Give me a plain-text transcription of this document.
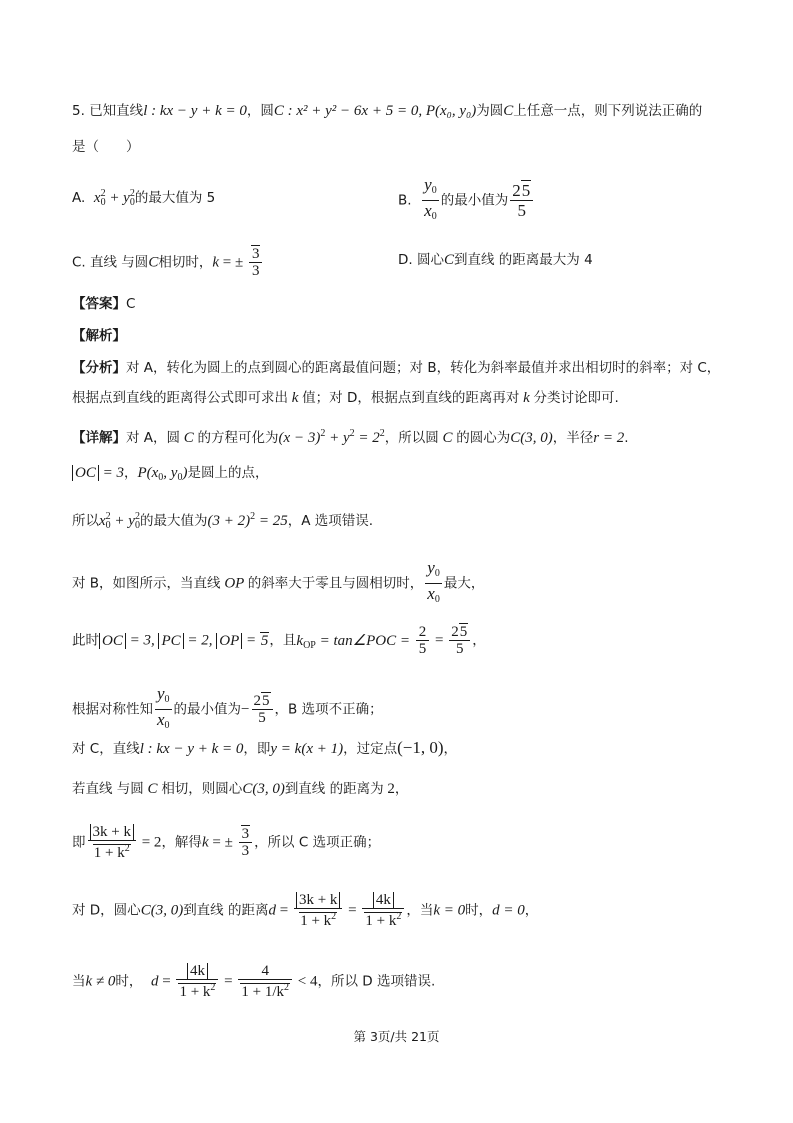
5. 已知直线l : kx − y + k = 0，圆C : x² + y² − 6x + 5 = 0, P(x₀, y₀)为圆C上任意一点，则下列说法正确的
是（　　）
A. $x_0^2 + y_0^2$的最大值为 5	B. $\frac{y_0}{x_0}$ 的最小值为 $\frac{25}{5}$
C. 直线 与圆C相切时，k = ± $\frac{3}{3}$	D. 圆心C到直线 的距离最大为 4
【答案】C
【解析】
【分析】对 A，转化为圆上的点到圆心的距离最值问题；对 B，转化为斜率最值并求出相切时的斜率；对 C，
根据点到直线的距离得公式即可求出 k 值；对 D，根据点到直线的距离再对 k 分类讨论即可.
【详解】对 A，圆 C 的方程可化为$(x - 3)^2 + y^2 = 2^2$，所以圆 C 的圆心为C(3, 0)，半径r = 2.
OC = 3，$P(x_0$, $y_0$)是圆上的点，
所以$x_0^2 + y_0^2$的最大值为$(3 + 2)^2 = 25$，A 选项错误.
对 B，如图所示，当直线 OP 的斜率大于零且与圆相切时， $\frac{y_0}{x_0}$ 最大，
此时 OC = 3, PC = 2, OP = 5，且$k_{OP}$ = tan∠POC = $\frac{2}{5} = \frac{25}{5}$ ，
根据对称性知 $\frac{y_0}{x_0}$ 的最小值为− $\frac{25}{5}$ ，B 选项不正确；
对 C，直线l : kx − y + k = 0，即y = k(x + 1)，过定点(−1, 0)，
若直线 与圆 C 相切，则圆心C(3, 0)到直线 的距离为 2，
即 $\frac{3k + k}{1 + k^2} = 2$，解得k = ± $\frac{3}{3}$ ，所以 C 选项正确；
对 D，圆心C(3, 0)到直线 的距离$d = \frac{3k + k}{1 + k^2} = \frac{4k}{1 + k^2}$ ，当k = 0时，d = 0，
当k ≠ 0时， $d = \frac{4k}{1 + k^2} = \frac{4}{1 + 1/k^2} < 4$，所以 D 选项错误.
第 3页/共 21页
